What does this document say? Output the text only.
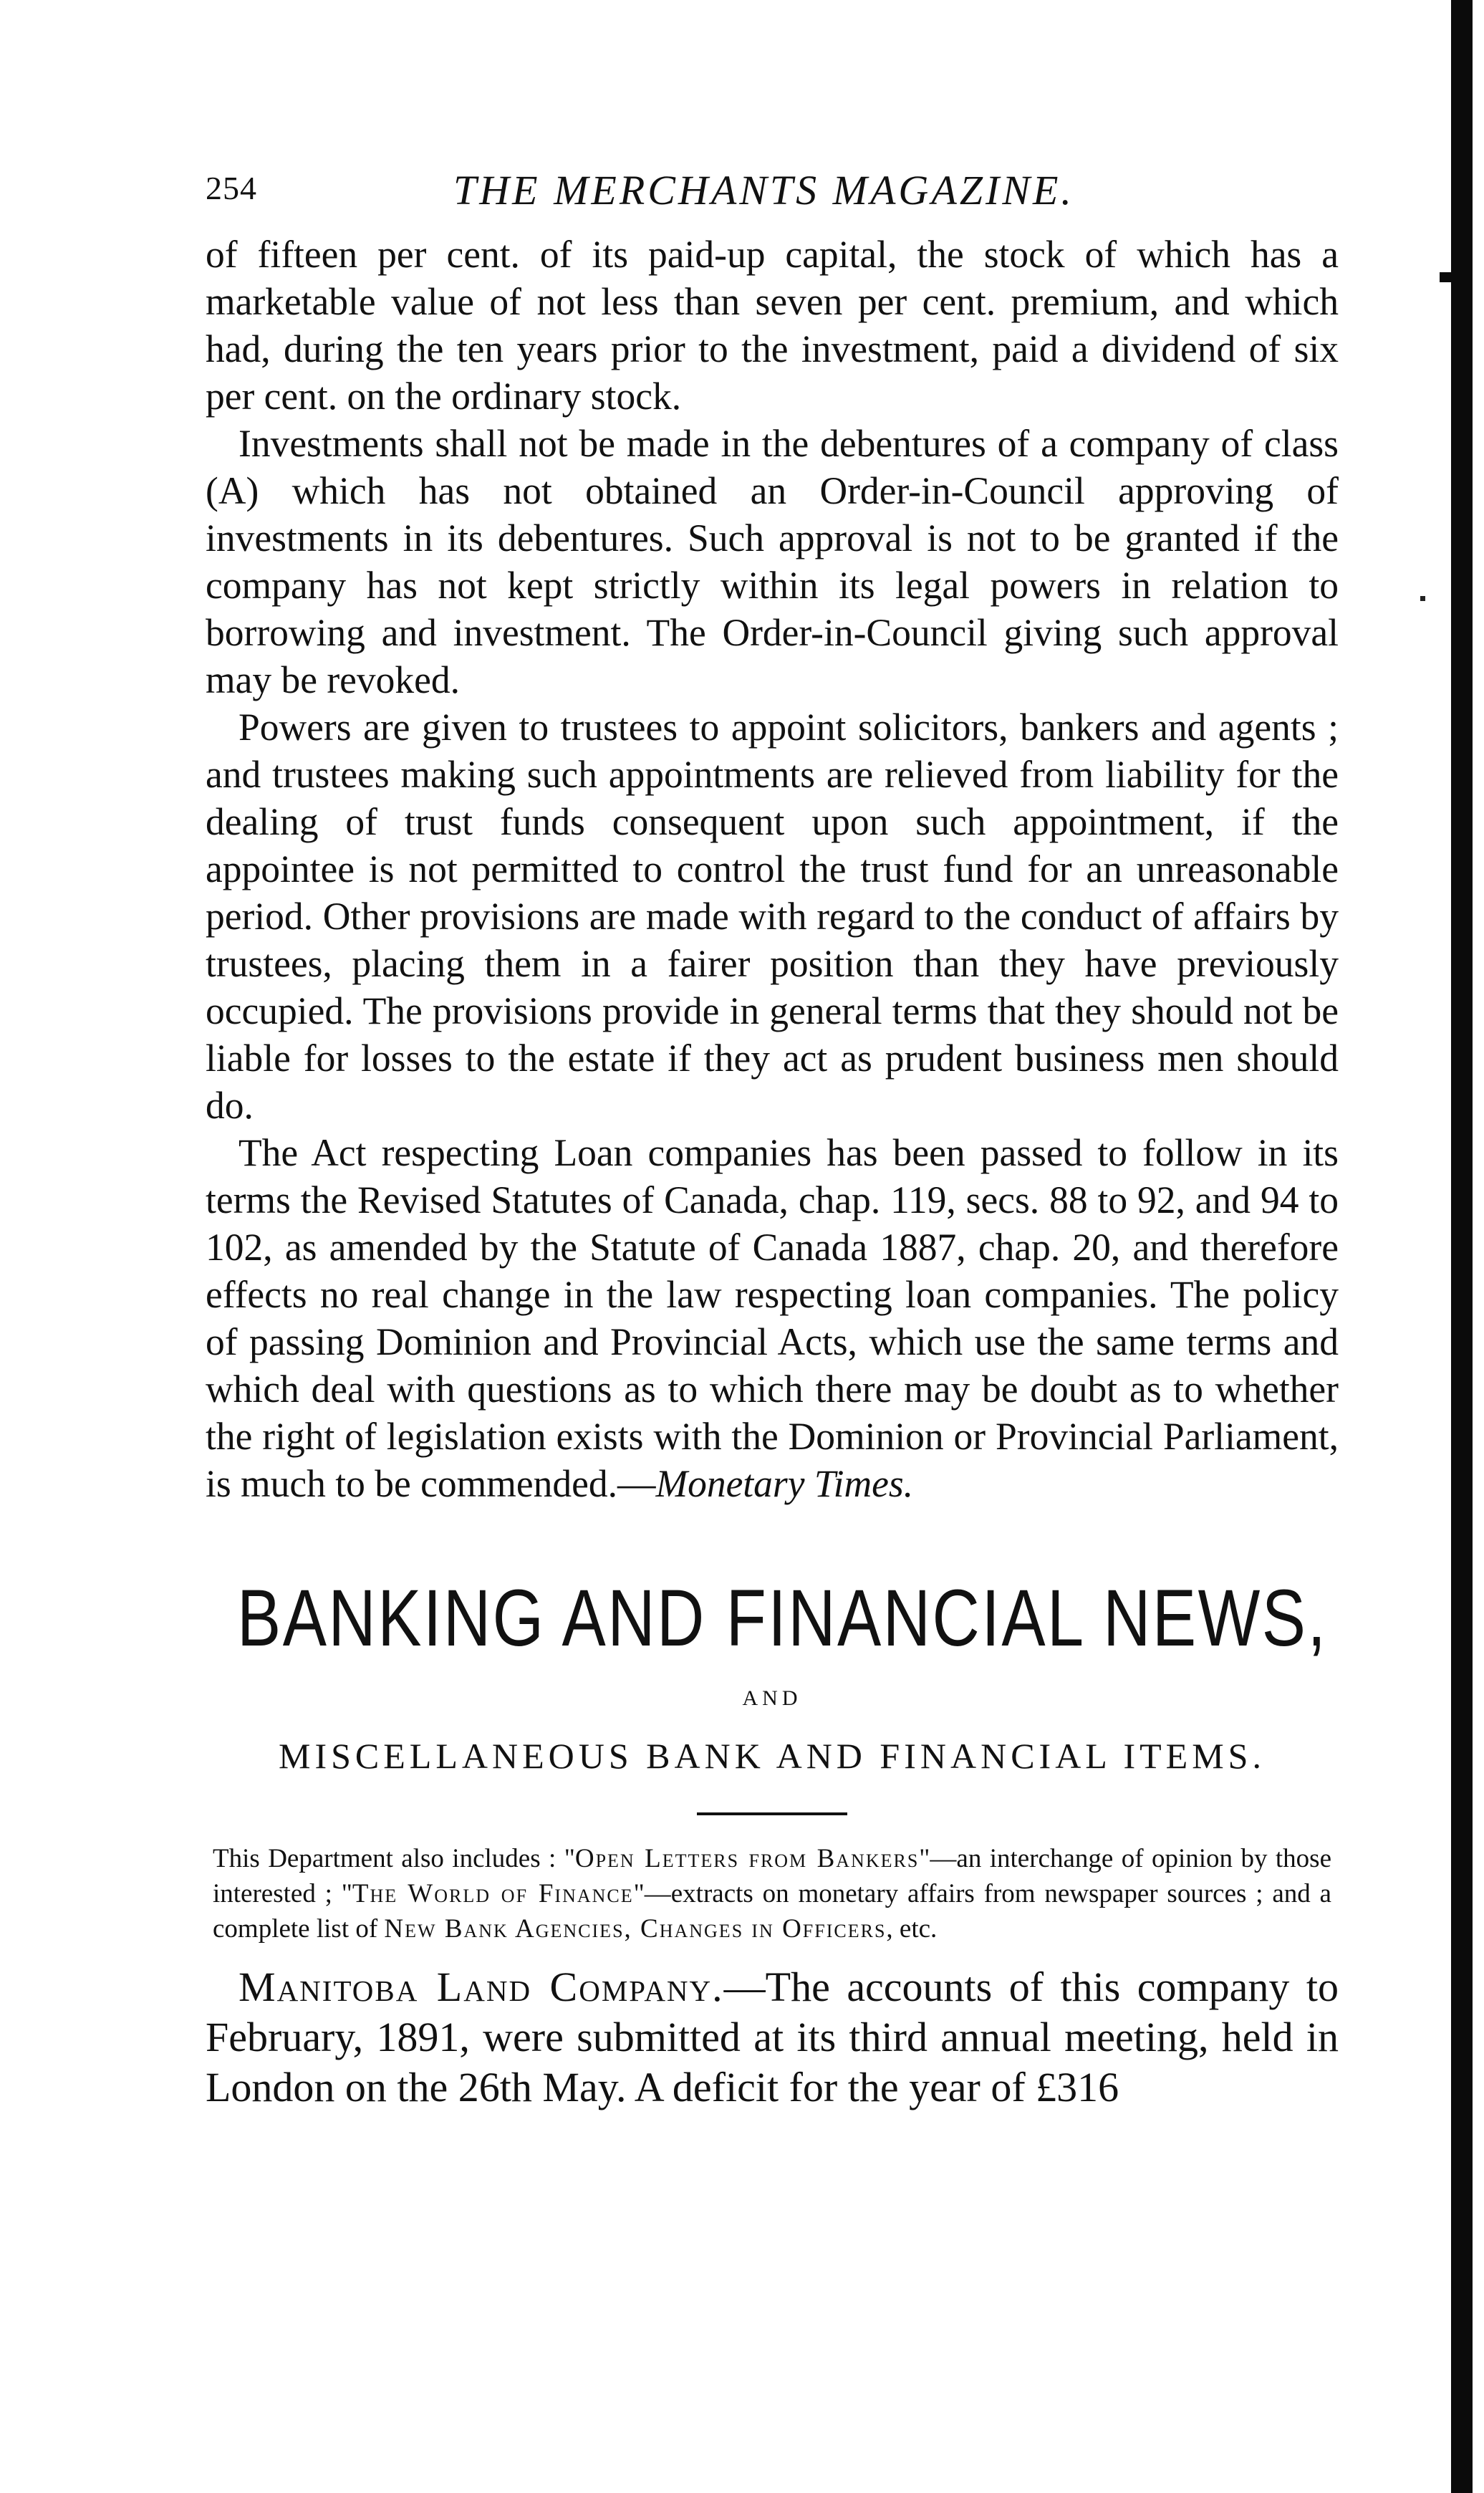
254	THE MERCHANTS MAGAZINE.

of fifteen per cent. of its paid-up capital, the stock of which has a marketable value of not less than seven per cent. premium, and which had, during the ten years prior to the investment, paid a dividend of six per cent. on the ordinary stock.

Investments shall not be made in the debentures of a company of class (A) which has not obtained an Order-in-Council approving of investments in its debentures. Such approval is not to be granted if the company has not kept strictly within its legal powers in relation to borrowing and investment. The Order-in-Council giving such approval may be revoked.

Powers are given to trustees to appoint solicitors, bankers and agents ; and trustees making such appointments are relieved from liability for the dealing of trust funds consequent upon such appointment, if the appointee is not permitted to control the trust fund for an unreasonable period. Other provisions are made with regard to the conduct of affairs by trustees, placing them in a fairer position than they have previously occupied. The provisions provide in general terms that they should not be liable for losses to the estate if they act as prudent business men should do.

The Act respecting Loan companies has been passed to follow in its terms the Revised Statutes of Canada, chap. 119, secs. 88 to 92, and 94 to 102, as amended by the Statute of Canada 1887, chap. 20, and therefore effects no real change in the law respecting loan companies. The policy of passing Dominion and Provincial Acts, which use the same terms and which deal with questions as to which there may be doubt as to whether the right of legislation exists with the Dominion or Provincial Parliament, is much to be commended.—Monetary Times.

BANKING AND FINANCIAL NEWS,
AND
MISCELLANEOUS BANK AND FINANCIAL ITEMS.

This Department also includes : "Open Letters from Bankers"—an interchange of opinion by those interested ; "The World of Finance"—extracts on monetary affairs from newspaper sources ; and a complete list of New Bank Agencies, Changes in Officers, etc.

Manitoba Land Company.—The accounts of this company to February, 1891, were submitted at its third annual meeting, held in London on the 26th May. A deficit for the year of £316
